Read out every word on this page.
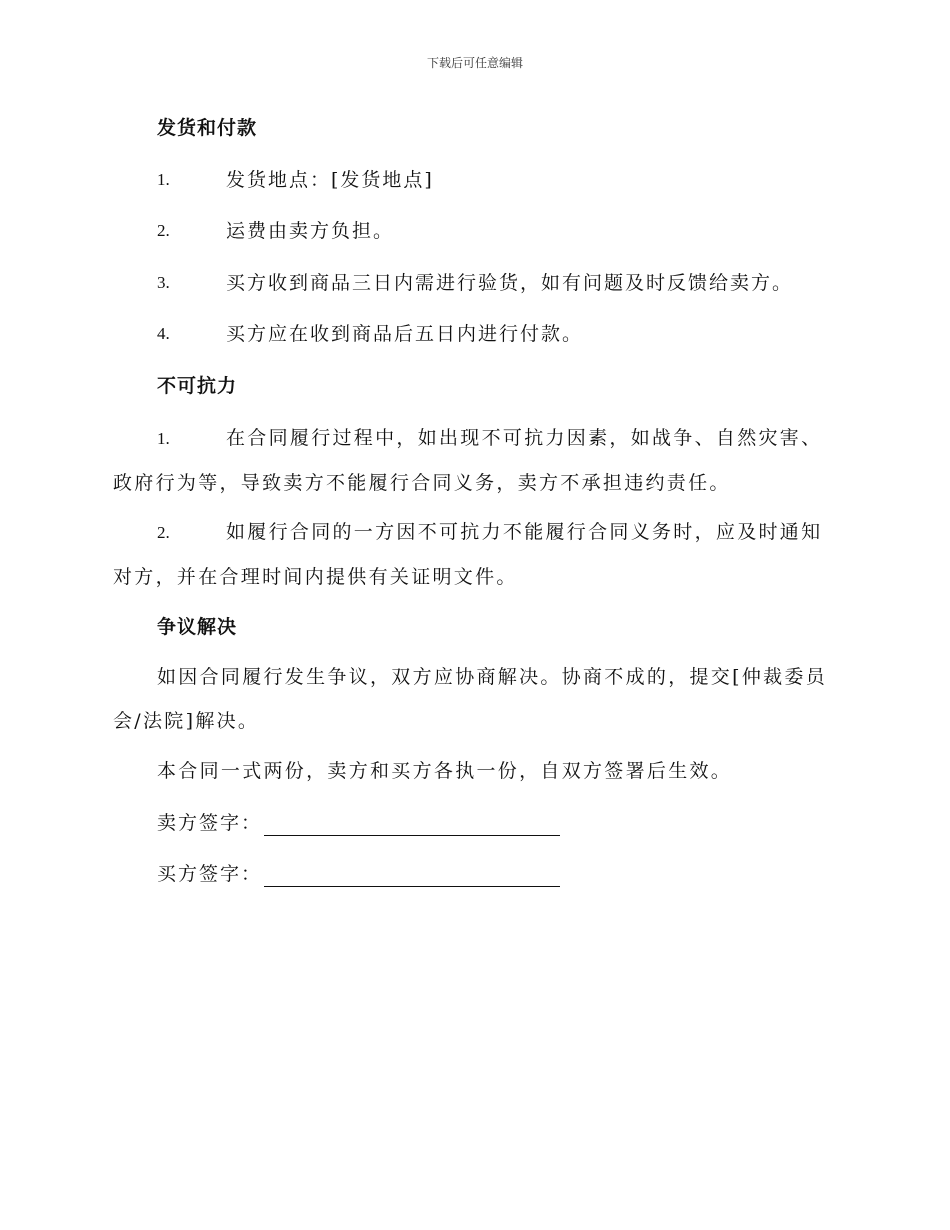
下载后可任意编辑
发货和付款
1.	发货地点：[发货地点]
2.	运费由卖方负担。
3.	买方收到商品三日内需进行验货，如有问题及时反馈给卖方。
4.	买方应在收到商品后五日内进行付款。
不可抗力
1.	在合同履行过程中，如出现不可抗力因素，如战争、自然灾害、政府行为等，导致卖方不能履行合同义务，卖方不承担违约责任。
2.	如履行合同的一方因不可抗力不能履行合同义务时，应及时通知对方，并在合理时间内提供有关证明文件。
争议解决
如因合同履行发生争议，双方应协商解决。协商不成的，提交[仲裁委员会/法院]解决。
本合同一式两份，卖方和买方各执一份，自双方签署后生效。
卖方签字：
买方签字：
